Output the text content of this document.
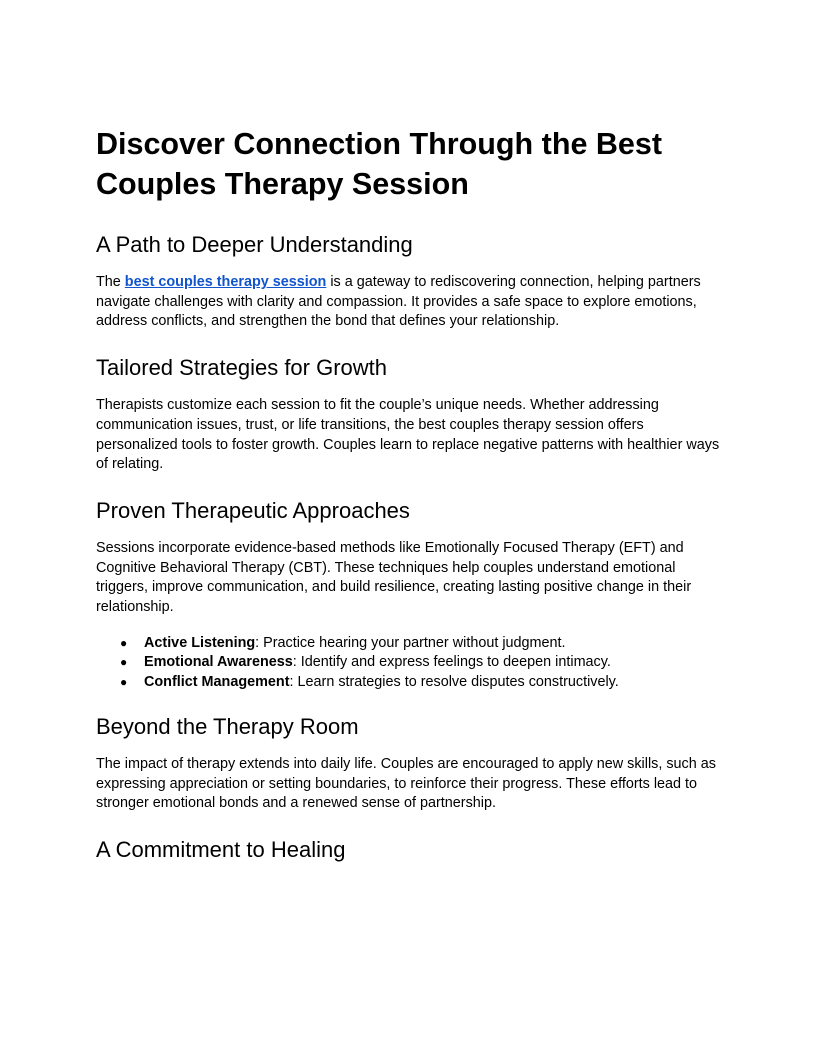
Discover Connection Through the Best
Couples Therapy Session
A Path to Deeper Understanding

The best couples therapy session is a gateway to rediscovering connection, helping partners navigate challenges with clarity and compassion. It provides a safe space to explore emotions, address conflicts, and strengthen the bond that defines your relationship.

Tailored Strategies for Growth

Therapists customize each session to fit the couple’s unique needs. Whether addressing communication issues, trust, or life transitions, the best couples therapy session offers personalized tools to foster growth. Couples learn to replace negative patterns with healthier ways of relating.

Proven Therapeutic Approaches

Sessions incorporate evidence-based methods like Emotionally Focused Therapy (EFT) and Cognitive Behavioral Therapy (CBT). These techniques help couples understand emotional triggers, improve communication, and build resilience, creating lasting positive change in their relationship.

● Active Listening: Practice hearing your partner without judgment.
● Emotional Awareness: Identify and express feelings to deepen intimacy.
● Conflict Management: Learn strategies to resolve disputes constructively.
Beyond the Therapy Room

The impact of therapy extends into daily life. Couples are encouraged to apply new skills, such as expressing appreciation or setting boundaries, to reinforce their progress. These efforts lead to stronger emotional bonds and a renewed sense of partnership.

A Commitment to Healing
